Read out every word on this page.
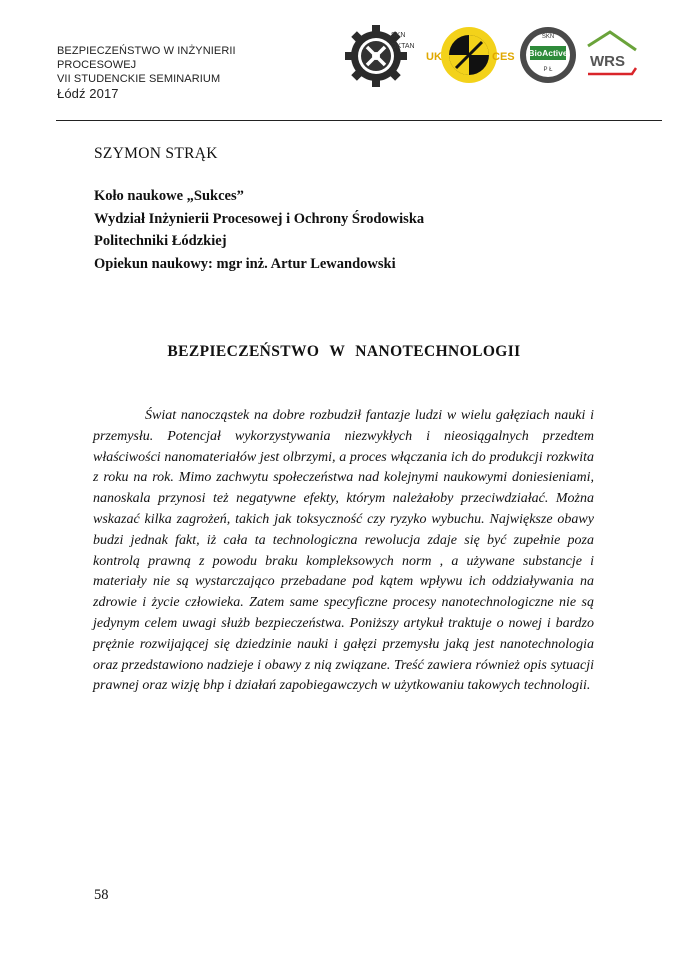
BEZPIECZEŃSTWO W INŻYNIERII
PROCESOWEJ
VII STUDENCKIE SEMINARIUM
Łódź 2017
SKN
OKTAN
UK	CES
SKN
BioActive
P Ł	WRS
SZYMON STRĄK
Koło naukowe „Sukces”
Wydział Inżynierii Procesowej i Ochrony Środowiska
Politechniki Łódzkiej
Opiekun naukowy: mgr inż. Artur Lewandowski
BEZPIECZEŃSTWO W NANOTECHNOLOGII

Świat nanocząstek na dobre rozbudził fantazje ludzi w wielu gałęziach nauki i przemysłu. Potencjał wykorzystywania niezwykłych i nieosiągalnych przedtem właściwości nanomateriałów jest olbrzymi, a proces włączania ich do produkcji rozkwita z roku na rok. Mimo zachwytu społeczeństwa nad kolejnymi naukowymi doniesieniami, nanoskala przynosi też negatywne efekty, którym należałoby przeciwdziałać. Można wskazać kilka zagrożeń, takich jak toksyczność czy ryzyko wybuchu. Największe obawy budzi jednak fakt, iż cała ta technologiczna rewolucja zdaje się być zupełnie poza kontrolą prawną z powodu braku kompleksowych norm , a używane substancje i materiały nie są wystarczająco przebadane pod kątem wpływu ich oddziaływania na zdrowie i życie człowieka. Zatem same specyficzne procesy nanotechnologiczne nie są jedynym celem uwagi służb bezpieczeństwa. Poniższy artykuł traktuje o nowej i bardzo prężnie rozwijającej się dziedzinie nauki i gałęzi przemysłu jaką jest nanotechnologia oraz przedstawiono nadzieje i obawy z nią związane. Treść zawiera również opis sytuacji prawnej oraz wizję bhp i działań zapobiegawczych w użytkowaniu takowych technologii.

58
